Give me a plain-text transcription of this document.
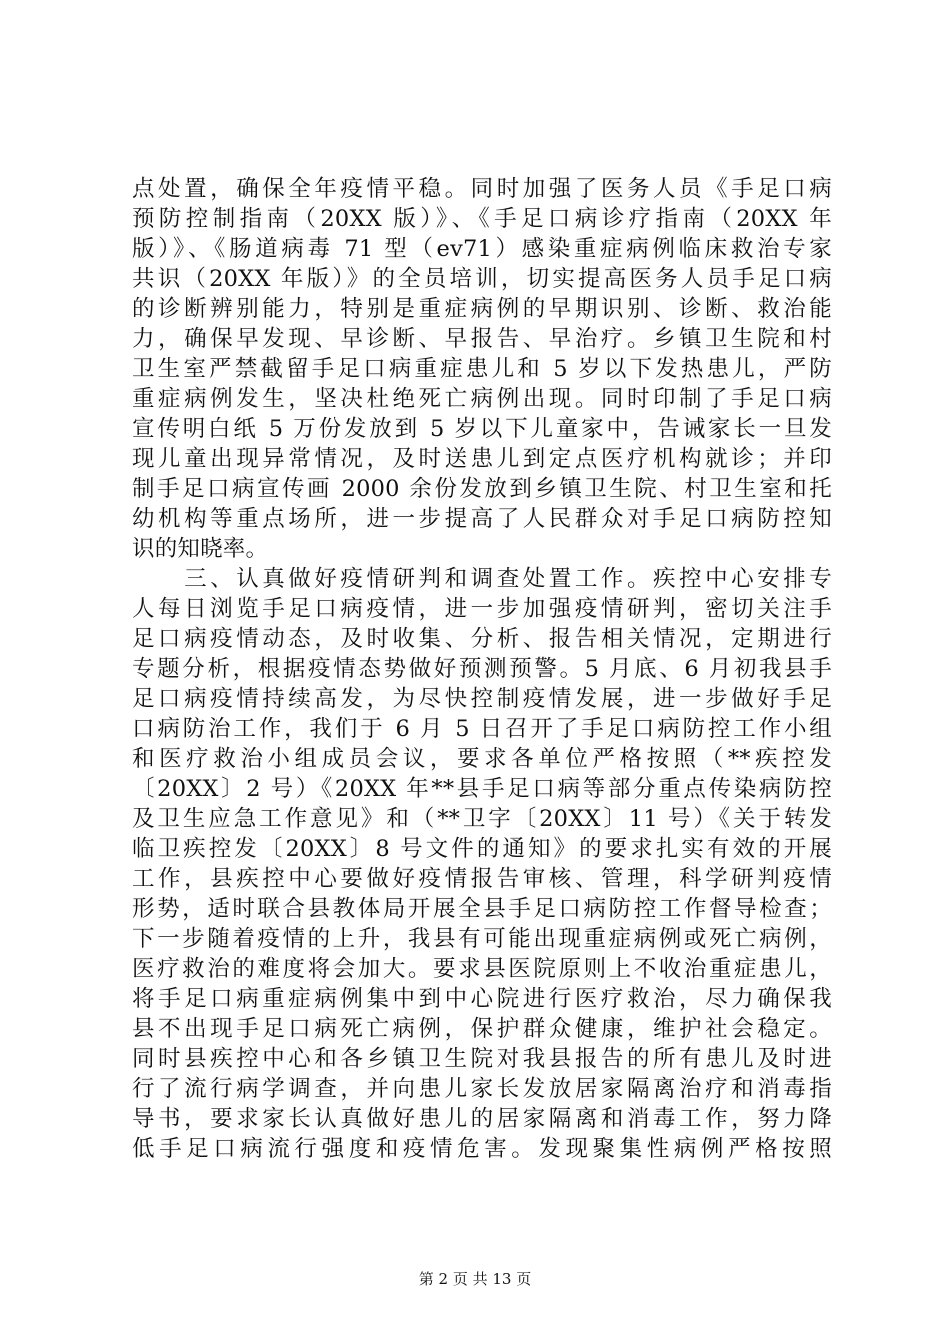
点处置，确保全年疫情平稳。同时加强了医务人员《手足口病
预防控制指南（20XX 版）》、《手足口病诊疗指南（20XX 年
版）》、《肠道病毒 71 型（ev71）感染重症病例临床救治专家
共识（20XX 年版）》的全员培训，切实提高医务人员手足口病
的诊断辨别能力，特别是重症病例的早期识别、诊断、救治能
力，确保早发现、早诊断、早报告、早治疗。乡镇卫生院和村
卫生室严禁截留手足口病重症患儿和 5 岁以下发热患儿，严防
重症病例发生，坚决杜绝死亡病例出现。同时印制了手足口病
宣传明白纸 5 万份发放到 5 岁以下儿童家中，告诫家长一旦发
现儿童出现异常情况，及时送患儿到定点医疗机构就诊；并印
制手足口病宣传画 2000 余份发放到乡镇卫生院、村卫生室和托
幼机构等重点场所，进一步提高了人民群众对手足口病防控知
识的知晓率。
　　三、认真做好疫情研判和调查处置工作。疾控中心安排专
人每日浏览手足口病疫情，进一步加强疫情研判，密切关注手
足口病疫情动态，及时收集、分析、报告相关情况，定期进行
专题分析，根据疫情态势做好预测预警。5 月底、6 月初我县手
足口病疫情持续高发，为尽快控制疫情发展，进一步做好手足
口病防治工作，我们于 6 月 5 日召开了手足口病防控工作小组
和医疗救治小组成员会议，要求各单位严格按照（**疾控发
〔20XX〕2 号）《20XX 年**县手足口病等部分重点传染病防控
及卫生应急工作意见》和（**卫字〔20XX〕11 号）《关于转发
临卫疾控发〔20XX〕8 号文件的通知》的要求扎实有效的开展
工作，县疾控中心要做好疫情报告审核、管理，科学研判疫情
形势，适时联合县教体局开展全县手足口病防控工作督导检查；
下一步随着疫情的上升，我县有可能出现重症病例或死亡病例，
医疗救治的难度将会加大。要求县医院原则上不收治重症患儿，
将手足口病重症病例集中到中心院进行医疗救治，尽力确保我
县不出现手足口病死亡病例，保护群众健康，维护社会稳定。
同时县疾控中心和各乡镇卫生院对我县报告的所有患儿及时进
行了流行病学调查，并向患儿家长发放居家隔离治疗和消毒指
导书，要求家长认真做好患儿的居家隔离和消毒工作，努力降
低手足口病流行强度和疫情危害。发现聚集性病例严格按照
第 2 页 共 13 页
